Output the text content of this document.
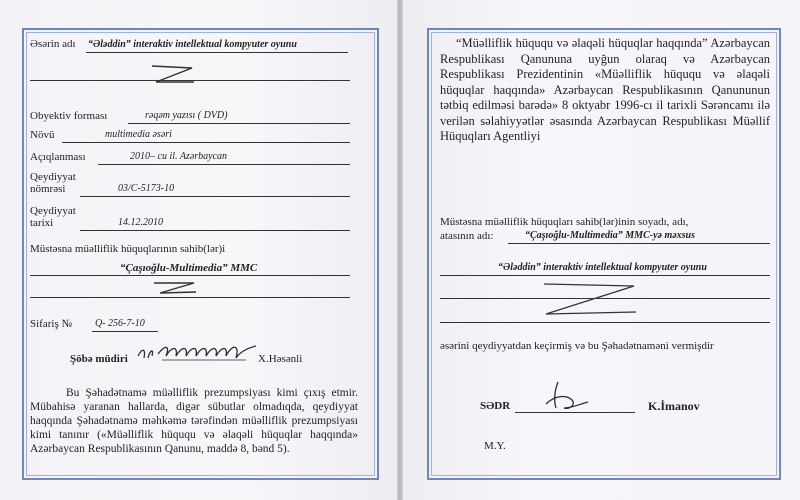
Əsərin adı “Ələddin” interaktiv intellektual kompyuter oyunu
Obyektiv forması	rəqəm yazısı ( DVD)
Növü	multimedia əsəri
Açıqlanması	2010– cu il. Azərbaycan
Qeydiyyat
nömrəsi	03/C-5173-10
Qeydiyyat
tarixi	14.12.2010
Müstəsna müəlliflik hüquqlarının sahib(lər)i
“Çaşıoğlu-Multimedia” MMC
Sifariş № Q- 256-7-10
Şöbə müdiri	X.Həsənli
Bu Şəhadətnamə müəlliflik prezumpsiyası kimi çıxış etmir. Mübahisə yaranan hallarda, digər sübutlar olmadıqda, qeydiyyat haqqında Şəhadətnamə məhkəmə tərəfindən müəlliflik prezumpsiyası kimi tanınır («Müəlliflik hüququ və əlaqəli hüquqlar haqqında» Azərbaycan Respublikasının Qanunu, maddə 8, bənd 5).
“Müəlliflik hüququ və əlaqəli hüquqlar haqqında” Azərbaycan Respublikası Qanununa uyğun olaraq və Azərbaycan Respublikası Prezidentinin «Müəlliflik hüququ və əlaqəli hüquqlar haqqında» Azərbaycan Respublikasının Qanununun tətbiq edilməsi barədə» 8 oktyabr 1996-cı il tarixli Sərəncamı ilə verilən səlahiyyətlər əsasında Azərbaycan Respublikası Müəllif Hüquqları Agentliyi
Müstəsna müəlliflik hüquqları sahib(lər)inin soyadı, adı,
atasının adı:	“Çaşıoğlu-Multimedia” MMC-yə məxsus
“Ələddin” interaktiv intellektual kompyuter oyunu
əsərini qeydiyyatdan keçirmiş və bu Şəhadətnaməni vermişdir
SƏDR	K.İmanov
M.Y.
